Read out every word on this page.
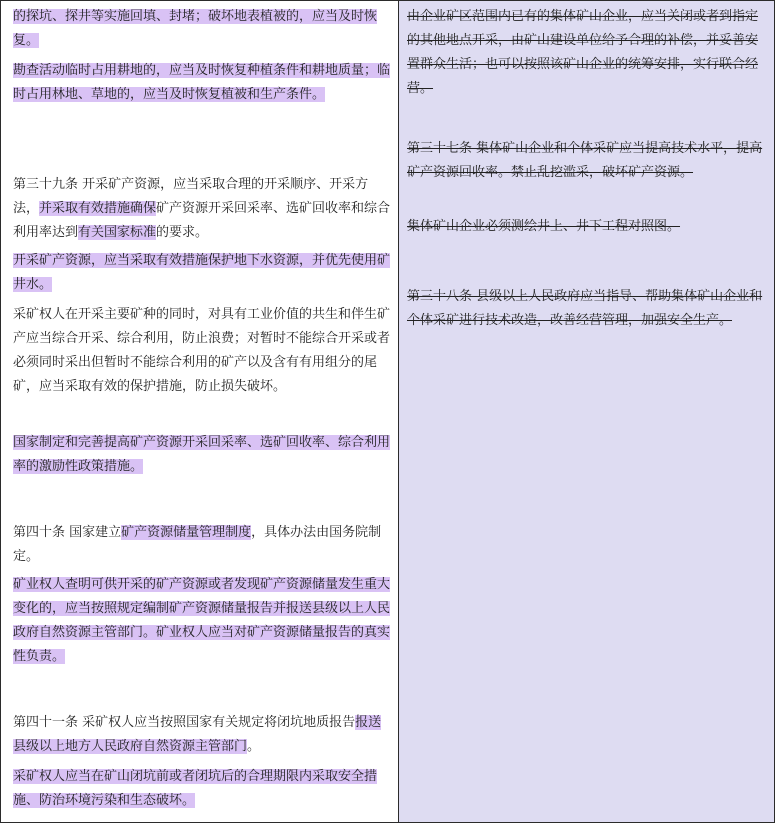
的探坑、探井等实施回填、封堵；破坏地表植被的，应当及时恢复。

勘查活动临时占用耕地的，应当及时恢复种植条件和耕地质量；临时占用林地、草地的，应当及时恢复植被和生产条件。

第三十九条 开采矿产资源，应当采取合理的开采顺序、开采方法，并采取有效措施确保矿产资源开采回采率、选矿回收率和综合利用率达到有关国家标准的要求。

开采矿产资源，应当采取有效措施保护地下水资源，并优先使用矿井水。

采矿权人在开采主要矿种的同时，对具有工业价值的共生和伴生矿产应当综合开采、综合利用，防止浪费；对暂时不能综合开采或者必须同时采出但暂时不能综合利用的矿产以及含有有用组分的尾矿，应当采取有效的保护措施，防止损失破坏。

国家制定和完善提高矿产资源开采回采率、选矿回收率、综合利用率的激励性政策措施。

第四十条 国家建立矿产资源储量管理制度，具体办法由国务院制定。

矿业权人查明可供开采的矿产资源或者发现矿产资源储量发生重大变化的，应当按照规定编制矿产资源储量报告并报送县级以上人民政府自然资源主管部门。矿业权人应当对矿产资源储量报告的真实性负责。

第四十一条 采矿权人应当按照国家有关规定将闭坑地质报告报送县级以上地方人民政府自然资源主管部门。

采矿权人应当在矿山闭坑前或者闭坑后的合理期限内采取安全措施、防治环境污染和生态破坏。

由企业矿区范围内已有的集体矿山企业，应当关闭或者到指定的其他地点开采，由矿山建设单位给予合理的补偿，并妥善安置群众生活；也可以按照该矿山企业的统筹安排，实行联合经营。

第三十七条 集体矿山企业和个体采矿应当提高技术水平，提高矿产资源回收率。禁止乱挖滥采，破坏矿产资源。

集体矿山企业必须测绘井上、井下工程对照图。

第三十八条 县级以上人民政府应当指导、帮助集体矿山企业和个体采矿进行技术改造，改善经营管理，加强安全生产。
